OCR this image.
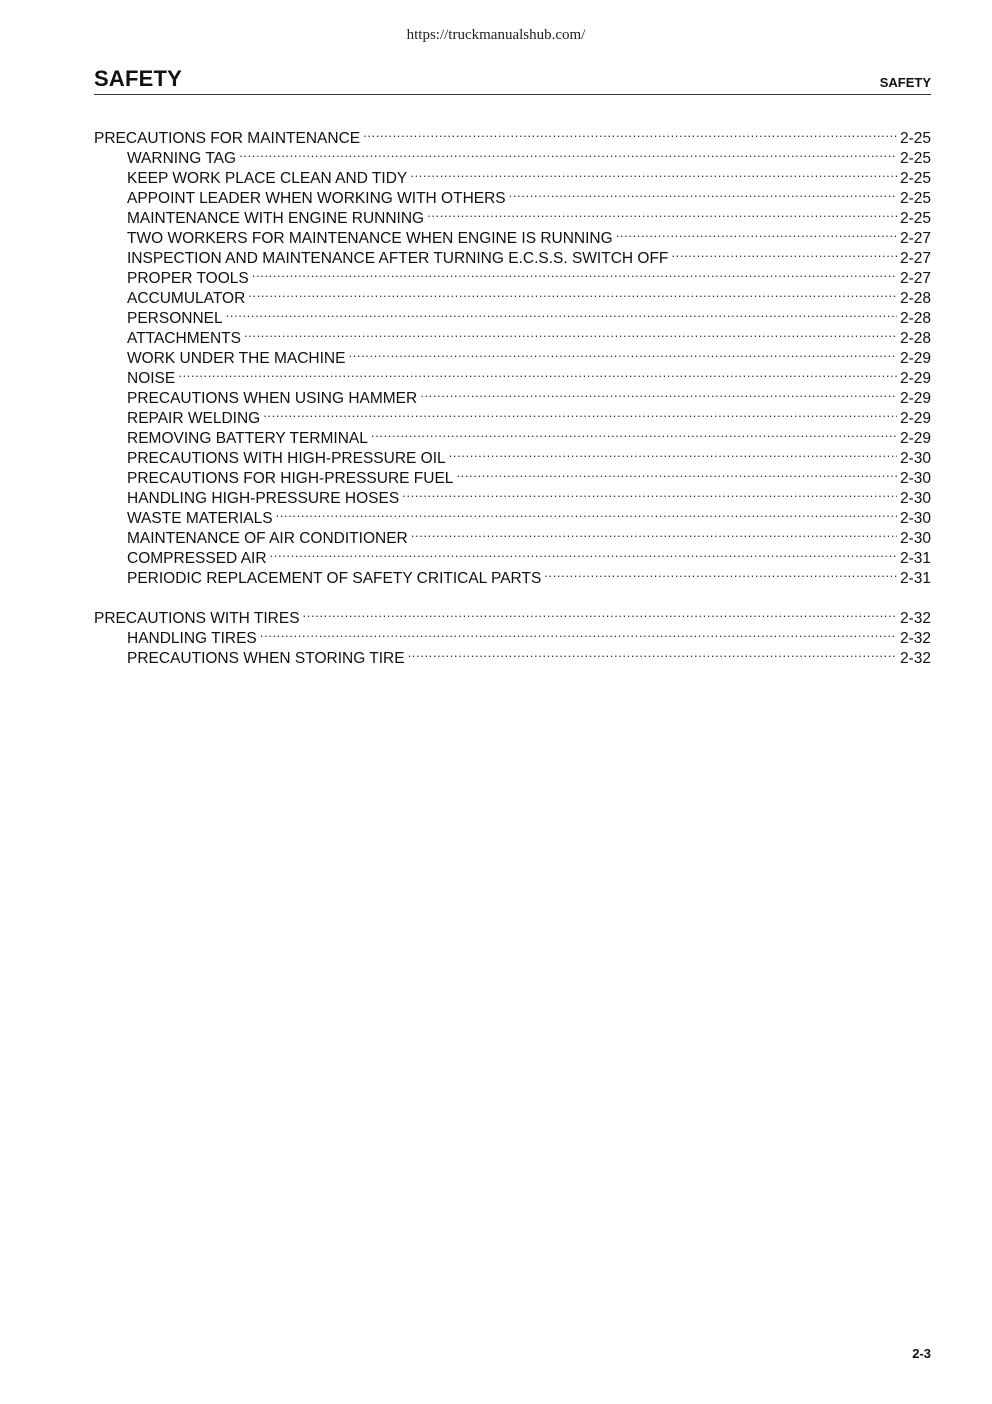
https://truckmanualshub.com/
SAFETY	SAFETY
PRECAUTIONS FOR MAINTENANCE .....	2-25
WARNING TAG .....	2-25
KEEP WORK PLACE CLEAN AND TIDY .....	2-25
APPOINT LEADER WHEN WORKING WITH OTHERS .....	2-25
MAINTENANCE WITH ENGINE RUNNING .....	2-25
TWO WORKERS FOR MAINTENANCE WHEN ENGINE IS RUNNING .....	2-27
INSPECTION AND MAINTENANCE AFTER TURNING E.C.S.S. SWITCH OFF .....	2-27
PROPER TOOLS .....	2-27
ACCUMULATOR .....	2-28
PERSONNEL .....	2-28
ATTACHMENTS .....	2-28
WORK UNDER THE MACHINE .....	2-29
NOISE .....	2-29
PRECAUTIONS WHEN USING HAMMER .....	2-29
REPAIR WELDING .....	2-29
REMOVING BATTERY TERMINAL .....	2-29
PRECAUTIONS WITH HIGH-PRESSURE OIL .....	2-30
PRECAUTIONS FOR HIGH-PRESSURE FUEL .....	2-30
HANDLING HIGH-PRESSURE HOSES .....	2-30
WASTE MATERIALS .....	2-30
MAINTENANCE OF AIR CONDITIONER .....	2-30
COMPRESSED AIR .....	2-31
PERIODIC REPLACEMENT OF SAFETY CRITICAL PARTS .....	2-31
PRECAUTIONS WITH TIRES .....	2-32
HANDLING TIRES .....	2-32
PRECAUTIONS WHEN STORING TIRE .....	2-32
2-3
